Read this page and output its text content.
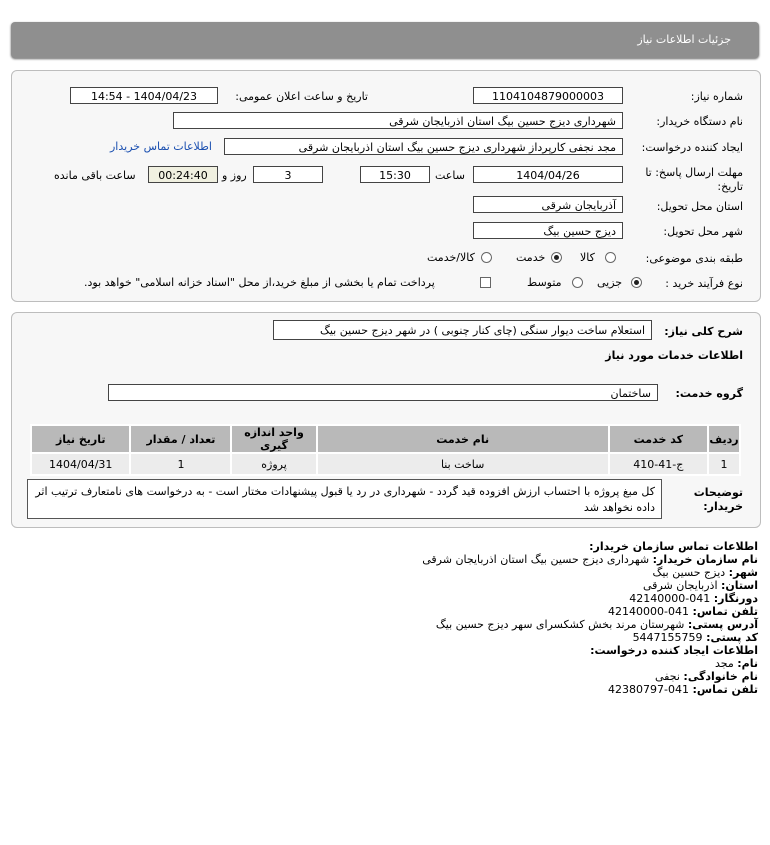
جزئیات اطلاعات نیاز
شماره نیاز:
1104104879000003
تاریخ و ساعت اعلان عمومی:
1404/04/23 - 14:54
نام دستگاه خریدار:
شهرداری دیزج حسین بیگ استان اذربایجان شرقی
ایجاد کننده درخواست:
مجد نجفی کارپرداز شهرداری دیزج حسین بیگ استان اذربایجان شرقی
اطلاعات تماس خریدار
مهلت ارسال پاسخ: تا تاریخ:
1404/04/26
ساعت
15:30
3
روز و
00:24:40
ساعت باقی مانده
استان محل تحویل:
آذربایجان شرقی
شهر محل تحویل:
دیزج حسین بیگ
طبقه بندی موضوعی:
کالا
خدمت
کالا/خدمت
نوع فرآیند خرید :
جزیی
متوسط
پرداخت تمام یا بخشی از مبلغ خرید،از محل "اسناد خزانه اسلامی" خواهد بود.
شرح کلی نیاز:
استعلام ساخت دیوار سنگی (چای کنار چنوبی ) در شهر دیزج حسین بیگ
اطلاعات خدمات مورد نیاز
گروه خدمت:
ساختمان
تاریخ نیاز	تعداد / مقدار	واحد اندازه گیری	نام خدمت	کد خدمت	ردیف
1404/04/31	1	پروژه	ساخت بنا	ج-41-410	1
توضیحات خریدار:
کل مبغ پروژه با احتساب ارزش افزوده قید گردد - شهرداری در رد یا قبول پیشنهادات مختار است - به درخواست های نامتعارف ترتیب اثر داده نخواهد شد
اطلاعات تماس سازمان خریدار:
نام سازمان خریدار: شهرداری دیزج حسین بیگ استان اذربایجان شرقی
شهر: دیزج حسین بیگ
استان: اذربایجان شرقی
دورنگار: 041-42140000
تلفن تماس: 041-42140000
آدرس پستی: شهرستان مرند بخش کشکسرای سهر دیزج حسین بیگ
کد پستی: 5447155759
اطلاعات ایجاد کننده درخواست:
نام: مجد
نام خانوادگی: نجفی
تلفن تماس: 041-42380797
